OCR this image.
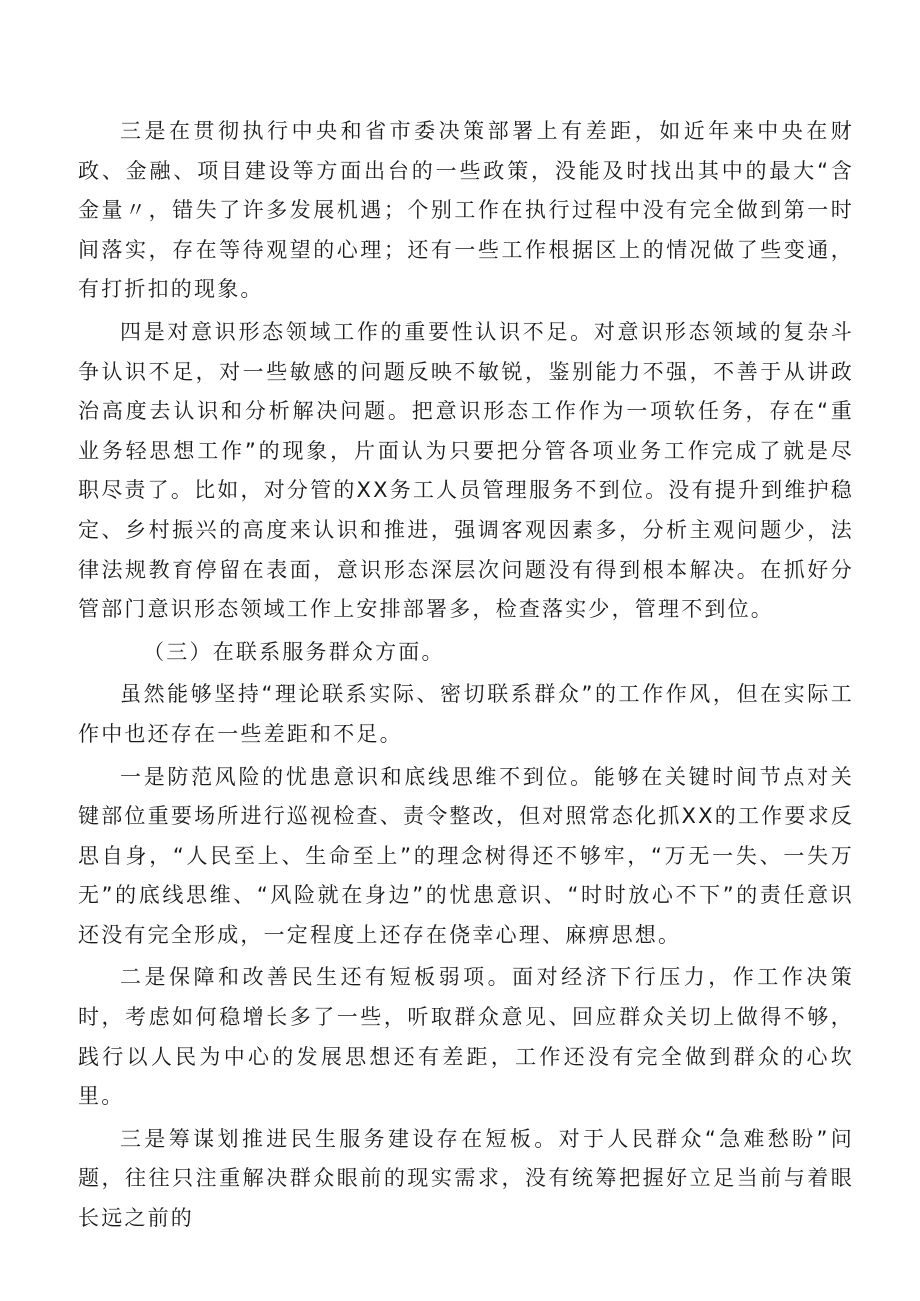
三是在贯彻执行中央和省市委决策部署上有差距，如近年来中央在财政、金融、项目建设等方面出台的一些政策，没能及时找出其中的最大“含金量〃，错失了许多发展机遇；个别工作在执行过程中没有完全做到第一时间落实，存在等待观望的心理；还有一些工作根据区上的情况做了些变通，有打折扣的现象。

四是对意识形态领域工作的重要性认识不足。对意识形态领域的复杂斗争认识不足，对一些敏感的问题反映不敏锐，鉴别能力不强，不善于从讲政治高度去认识和分析解决问题。把意识形态工作作为一项软任务，存在“重业务轻思想工作”的现象，片面认为只要把分管各项业务工作完成了就是尽职尽责了。比如，对分管的XX务工人员管理服务不到位。没有提升到维护稳定、乡村振兴的高度来认识和推进，强调客观因素多，分析主观问题少，法律法规教育停留在表面，意识形态深层次问题没有得到根本解决。在抓好分管部门意识形态领域工作上安排部署多，检查落实少，管理不到位。

（三）在联系服务群众方面。

虽然能够坚持“理论联系实际、密切联系群众”的工作作风，但在实际工作中也还存在一些差距和不足。

一是防范风险的忧患意识和底线思维不到位。能够在关键时间节点对关键部位重要场所进行巡视检查、责令整改，但对照常态化抓XX的工作要求反思自身，“人民至上、生命至上”的理念树得还不够牢，“万无一失、一失万无”的底线思维、“风险就在身边”的忧患意识、“时时放心不下”的责任意识还没有完全形成，一定程度上还存在侥幸心理、麻痹思想。

二是保障和改善民生还有短板弱项。面对经济下行压力，作工作决策时，考虑如何稳增长多了一些，听取群众意见、回应群众关切上做得不够，践行以人民为中心的发展思想还有差距，工作还没有完全做到群众的心坎里。

三是筹谋划推进民生服务建设存在短板。对于人民群众“急难愁盼”问题，往往只注重解决群众眼前的现实需求，没有统筹把握好立足当前与着眼长远之前的
